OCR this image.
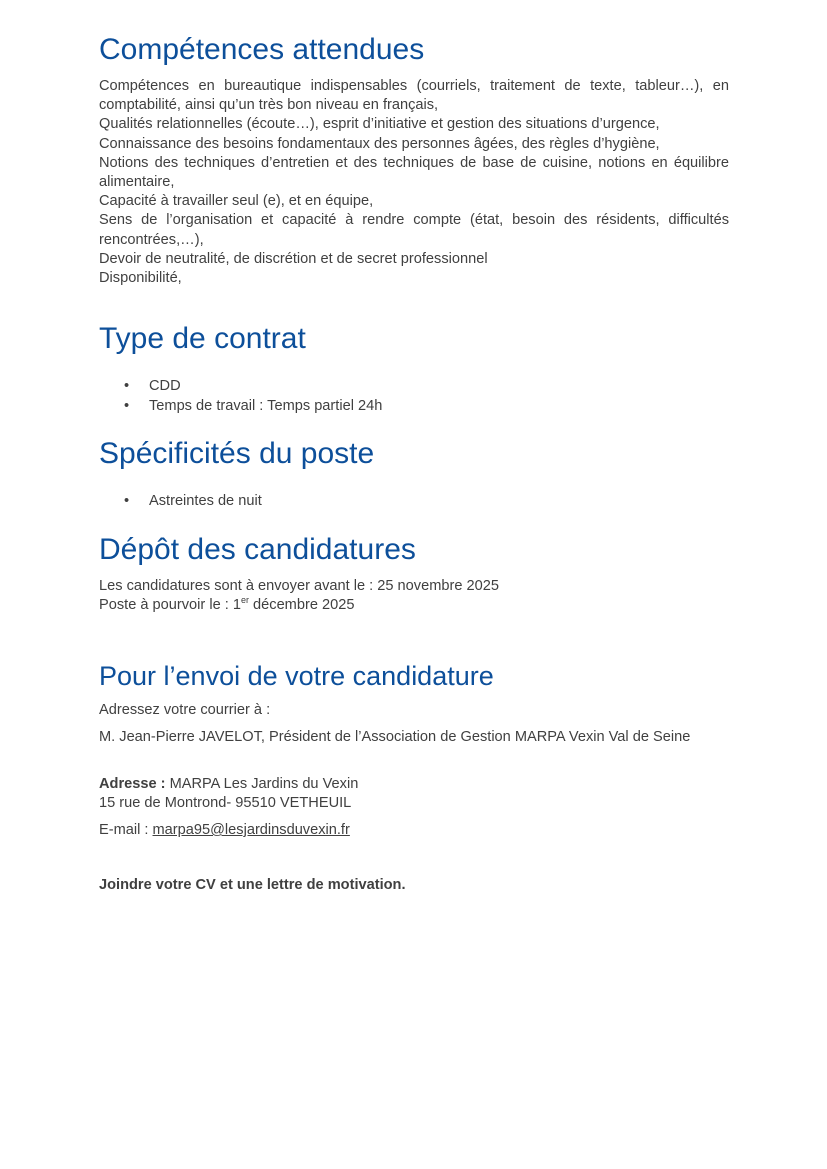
Compétences attendues

Compétences en bureautique indispensables (courriels, traitement de texte, tableur…), en comptabilité, ainsi qu’un très bon niveau en français,

Qualités relationnelles (écoute…), esprit d’initiative et gestion des situations d’urgence,

Connaissance des besoins fondamentaux des personnes âgées, des règles d’hygiène,

Notions des techniques d’entretien et des techniques de base de cuisine, notions en équilibre alimentaire,

Capacité à travailler seul (e), et en équipe,

Sens de l’organisation et capacité à rendre compte (état, besoin des résidents, difficultés rencontrées,…),

Devoir de neutralité, de discrétion et de secret professionnel

Disponibilité,

Type de contrat
• CDD
• Temps de travail : Temps partiel 24h
Spécificités du poste
• Astreintes de nuit
Dépôt des candidatures

Les candidatures sont à envoyer avant le : 25 novembre 2025

Poste à pourvoir le : 1er décembre 2025

Pour l’envoi de votre candidature

Adressez votre courrier à :

M. Jean-Pierre JAVELOT, Président de l’Association de Gestion MARPA Vexin Val de Seine

Adresse : MARPA Les Jardins du Vexin

15 rue de Montrond- 95510 VETHEUIL

E-mail : marpa95@lesjardinsduvexin.fr

Joindre votre CV et une lettre de motivation.
